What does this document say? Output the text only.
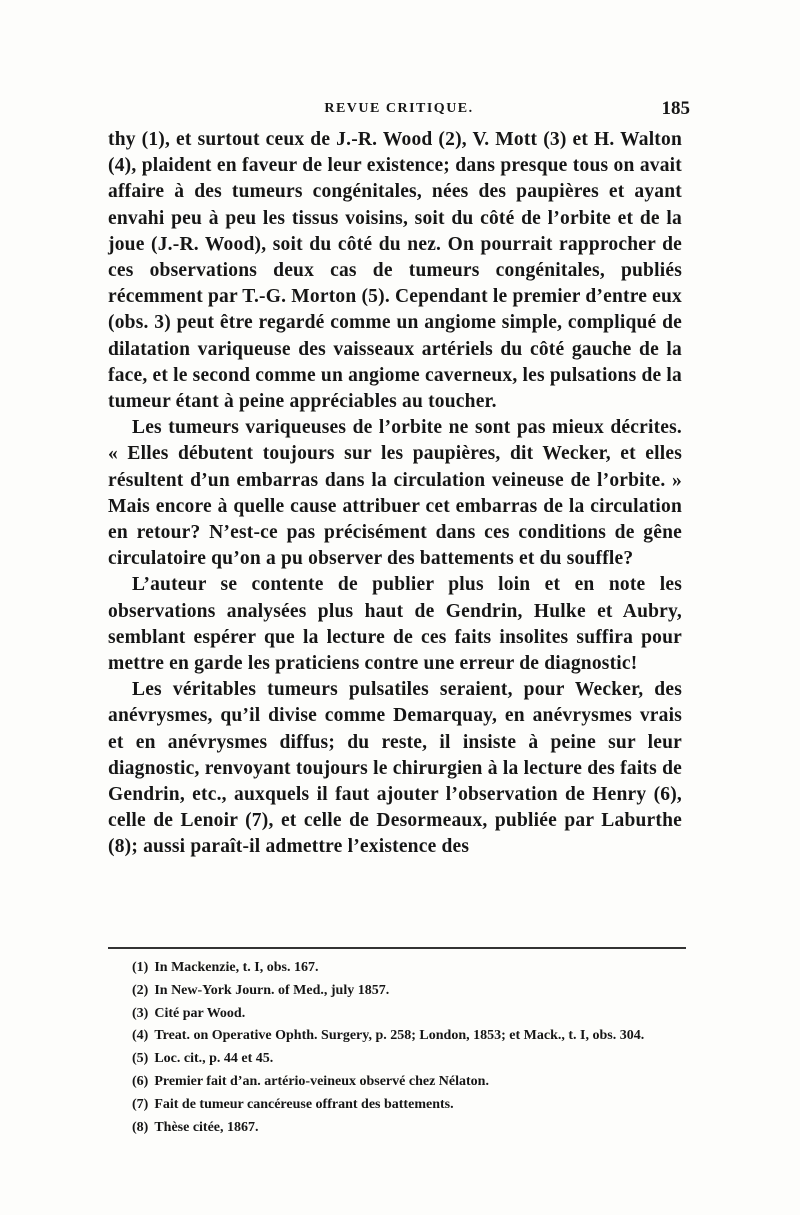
REVUE CRITIQUE.	185

thy (1), et surtout ceux de J.-R. Wood (2), V. Mott (3) et H. Walton (4), plaident en faveur de leur existence; dans presque tous on avait affaire à des tumeurs congénitales, nées des paupières et ayant envahi peu à peu les tissus voisins, soit du côté de l’orbite et de la joue (J.-R. Wood), soit du côté du nez. On pourrait rapprocher de ces observations deux cas de tumeurs congénitales, publiés récemment par T.-G. Morton (5). Cependant le premier d’entre eux (obs. 3) peut être regardé comme un angiome simple, compliqué de dilatation variqueuse des vaisseaux artériels du côté gauche de la face, et le second comme un angiome caverneux, les pulsations de la tumeur étant à peine appréciables au toucher.

Les tumeurs variqueuses de l’orbite ne sont pas mieux décrites. « Elles débutent toujours sur les paupières, dit Wecker, et elles résultent d’un embarras dans la circulation veineuse de l’orbite. » Mais encore à quelle cause attribuer cet embarras de la circulation en retour? N’est-ce pas précisément dans ces conditions de gêne circulatoire qu’on a pu observer des battements et du souffle?

L’auteur se contente de publier plus loin et en note les observations analysées plus haut de Gendrin, Hulke et Aubry, semblant espérer que la lecture de ces faits insolites suffira pour mettre en garde les praticiens contre une erreur de diagnostic!

Les véritables tumeurs pulsatiles seraient, pour Wecker, des anévrysmes, qu’il divise comme Demarquay, en anévrysmes vrais et en anévrysmes diffus; du reste, il insiste à peine sur leur diagnostic, renvoyant toujours le chirurgien à la lecture des faits de Gendrin, etc., auxquels il faut ajouter l’observation de Henry (6), celle de Lenoir (7), et celle de Desormeaux, publiée par Laburthe (8); aussi paraît-il admettre l’existence des

(1) In Mackenzie, t. I, obs. 167.

(2) In New-York Journ. of Med., july 1857.

(3) Cité par Wood.

(4) Treat. on Operative Ophth. Surgery, p. 258; London, 1853; et Mack., t. I, obs. 304.

(5) Loc. cit., p. 44 et 45.

(6) Premier fait d’an. artério-veineux observé chez Nélaton.

(7) Fait de tumeur cancéreuse offrant des battements.

(8) Thèse citée, 1867.
